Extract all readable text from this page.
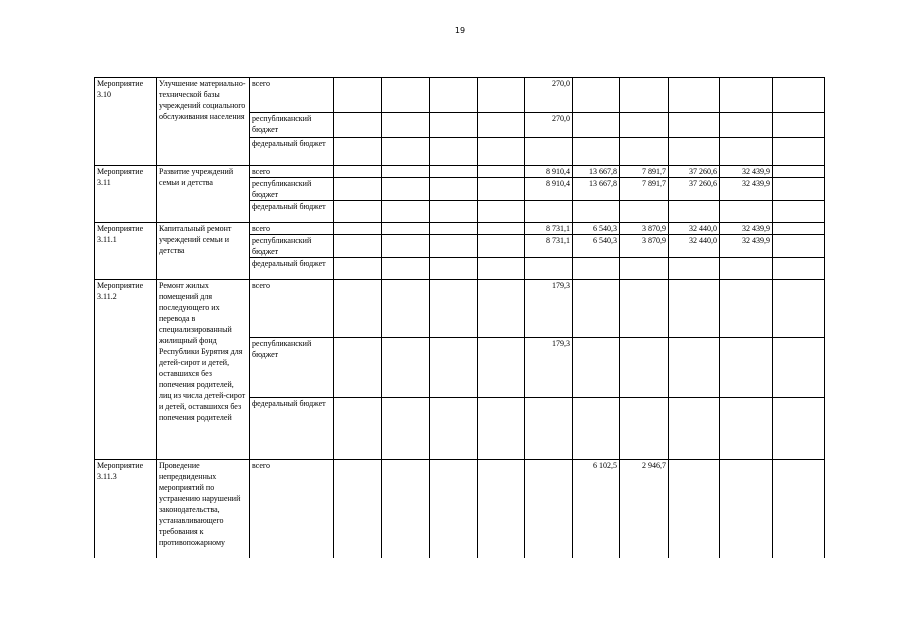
19
Мероприятие 3.10	Улучшение материально-технической базы учреждений социального обслуживания населения	всего					270,0					
		республиканский бюджет					270,0					
		федеральный бюджет										
Мероприятие 3.11	Развитие учреждений семьи и детства	всего					8 910,4	13 667,8	7 891,7	37 260,6	32 439,9	
		республиканский бюджет					8 910,4	13 667,8	7 891,7	37 260,6	32 439,9	
		федеральный бюджет										
Мероприятие 3.11.1	Капитальный ремонт учреждений семьи и детства	всего					8 731,1	6 540,3	3 870,9	32 440,0	32 439,9	
		республиканский бюджет					8 731,1	6 540,3	3 870,9	32 440,0	32 439,9	
		федеральный бюджет										
Мероприятие 3.11.2	Ремонт жилых помещений для последующего их перевода в специализированный жилищный фонд Республики Бурятия для детей-сирот и детей, оставшихся без попечения родителей, лиц из числа детей-сирот и детей, оставшихся без попечения родителей	всего					179,3					
		республиканский бюджет					179,3					
		федеральный бюджет										
Мероприятие 3.11.3	Проведение непредвиденных мероприятий по устранению нарушений законодательства, устанавливающего требования к противопожарному	всего						6 102,5	2 946,7			
